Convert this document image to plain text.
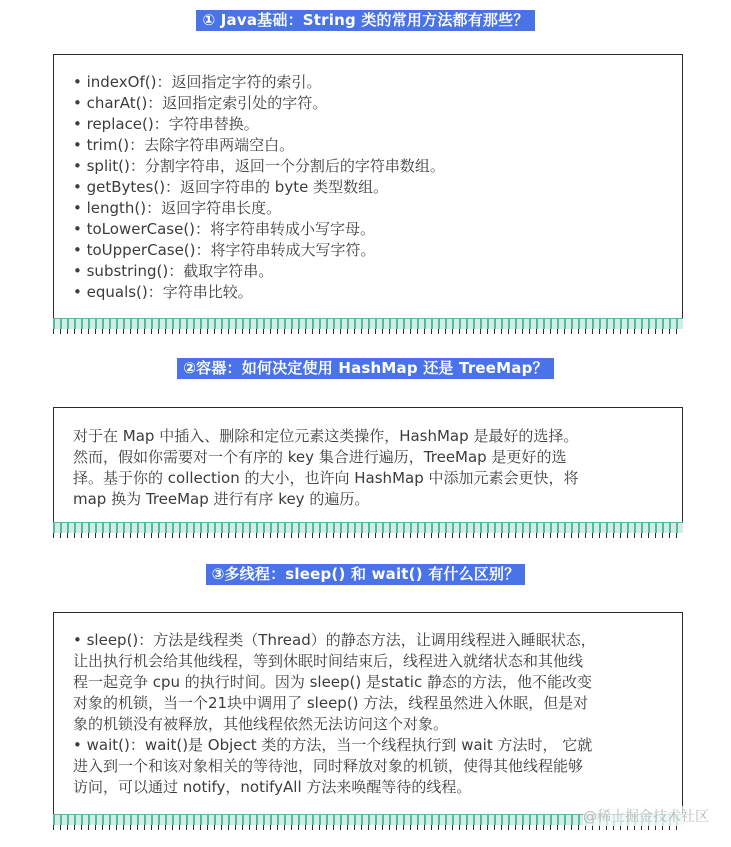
① Java基础：String 类的常用方法都有那些？
• indexOf()：返回指定字符的索引。
• charAt()：返回指定索引处的字符。
• replace()：字符串替换。
• trim()：去除字符串两端空白。
• split()：分割字符串，返回一个分割后的字符串数组。
• getBytes()：返回字符串的 byte 类型数组。
• length()：返回字符串长度。
• toLowerCase()：将字符串转成小写字母。
• toUpperCase()：将字符串转成大写字符。
• substring()：截取字符串。
• equals()：字符串比较。
②容器：如何决定使用 HashMap 还是 TreeMap？
对于在 Map 中插入、删除和定位元素这类操作，HashMap 是最好的选择。
然而，假如你需要对一个有序的 key 集合进行遍历，TreeMap 是更好的选
择。基于你的 collection 的大小，也许向 HashMap 中添加元素会更快，将
map 换为 TreeMap 进行有序 key 的遍历。
③多线程：sleep() 和 wait() 有什么区别？
• sleep()：方法是线程类（Thread）的静态方法，让调用线程进入睡眠状态，
让出执行机会给其他线程，等到休眠时间结束后，线程进入就绪状态和其他线
程一起竞争 cpu 的执行时间。因为 sleep() 是static 静态的方法，他不能改变
对象的机锁，当一个21块中调用了 sleep() 方法，线程虽然进入休眠，但是对
象的机锁没有被释放，其他线程依然无法访问这个对象。
• wait()：wait()是 Object 类的方法，当一个线程执行到 wait 方法时， 它就
进入到一个和该对象相关的等待池，同时释放对象的机锁，使得其他线程能够
访问，可以通过 notify，notifyAll 方法来唤醒等待的线程。
@稀土掘金技术社区
